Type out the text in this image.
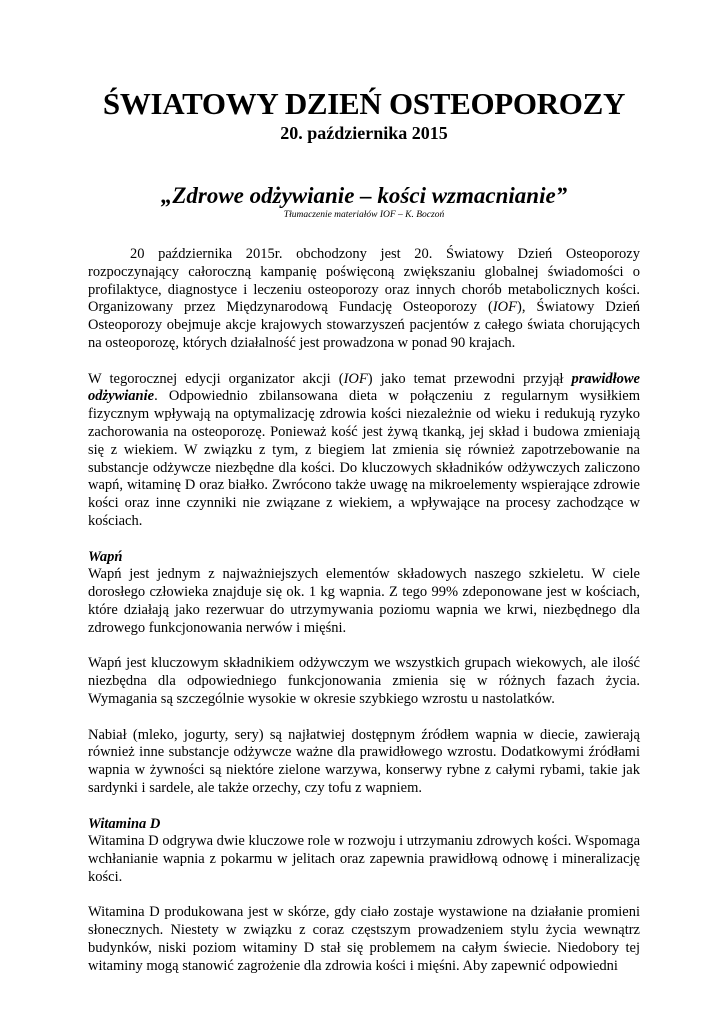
ŚWIATOWY DZIEŃ OSTEOPOROZY

20. października 2015

„Zdrowe odżywianie – kości wzmacnianie”

Tłumaczenie materiałów IOF – K. Boczoń

20 października 2015r. obchodzony jest 20. Światowy Dzień Osteoporozy rozpoczynający całoroczną kampanię poświęconą zwiększaniu globalnej świadomości o profilaktyce, diagnostyce i leczeniu osteoporozy oraz innych chorób metabolicznych kości. Organizowany przez Międzynarodową Fundację Osteoporozy (IOF), Światowy Dzień Osteoporozy obejmuje akcje krajowych stowarzyszeń pacjentów z całego świata chorujących na osteoporozę, których działalność jest prowadzona w ponad 90 krajach.

W tegorocznej edycji organizator akcji (IOF) jako temat przewodni przyjął prawidłowe odżywianie. Odpowiednio zbilansowana dieta w połączeniu z regularnym wysiłkiem fizycznym wpływają na optymalizację zdrowia kości niezależnie od wieku i redukują ryzyko zachorowania na osteoporozę. Ponieważ kość jest żywą tkanką, jej skład i budowa zmieniają się z wiekiem. W związku z tym, z biegiem lat zmienia się również zapotrzebowanie na substancje odżywcze niezbędne dla kości. Do kluczowych składników odżywczych zaliczono wapń, witaminę D oraz białko. Zwrócono także uwagę na mikroelementy wspierające zdrowie kości oraz inne czynniki nie związane z wiekiem, a wpływające na procesy zachodzące w kościach.

Wapń

Wapń jest jednym z najważniejszych elementów składowych naszego szkieletu. W ciele dorosłego człowieka znajduje się ok. 1 kg wapnia. Z tego 99% zdeponowane jest w kościach, które działają jako rezerwuar do utrzymywania poziomu wapnia we krwi, niezbędnego dla zdrowego funkcjonowania nerwów i mięśni.

Wapń jest kluczowym składnikiem odżywczym we wszystkich grupach wiekowych, ale ilość niezbędna dla odpowiedniego funkcjonowania zmienia się w różnych fazach życia. Wymagania są szczególnie wysokie w okresie szybkiego wzrostu u nastolatków.

Nabiał (mleko, jogurty, sery) są najłatwiej dostępnym źródłem wapnia w diecie, zawierają również inne substancje odżywcze ważne dla prawidłowego wzrostu. Dodatkowymi źródłami wapnia w żywności są niektóre zielone warzywa, konserwy rybne z całymi rybami, takie jak sardynki i sardele, ale także orzechy, czy tofu z wapniem.

Witamina D

Witamina D odgrywa dwie kluczowe role w rozwoju i utrzymaniu zdrowych kości. Wspomaga wchłanianie wapnia z pokarmu w jelitach oraz zapewnia prawidłową odnowę i mineralizację kości.

Witamina D produkowana jest w skórze, gdy ciało zostaje wystawione na działanie promieni słonecznych. Niestety w związku z coraz częstszym prowadzeniem stylu życia wewnątrz budynków, niski poziom witaminy D stał się problemem na całym świecie. Niedobory tej witaminy mogą stanowić zagrożenie dla zdrowia kości i mięśni. Aby zapewnić odpowiedni
